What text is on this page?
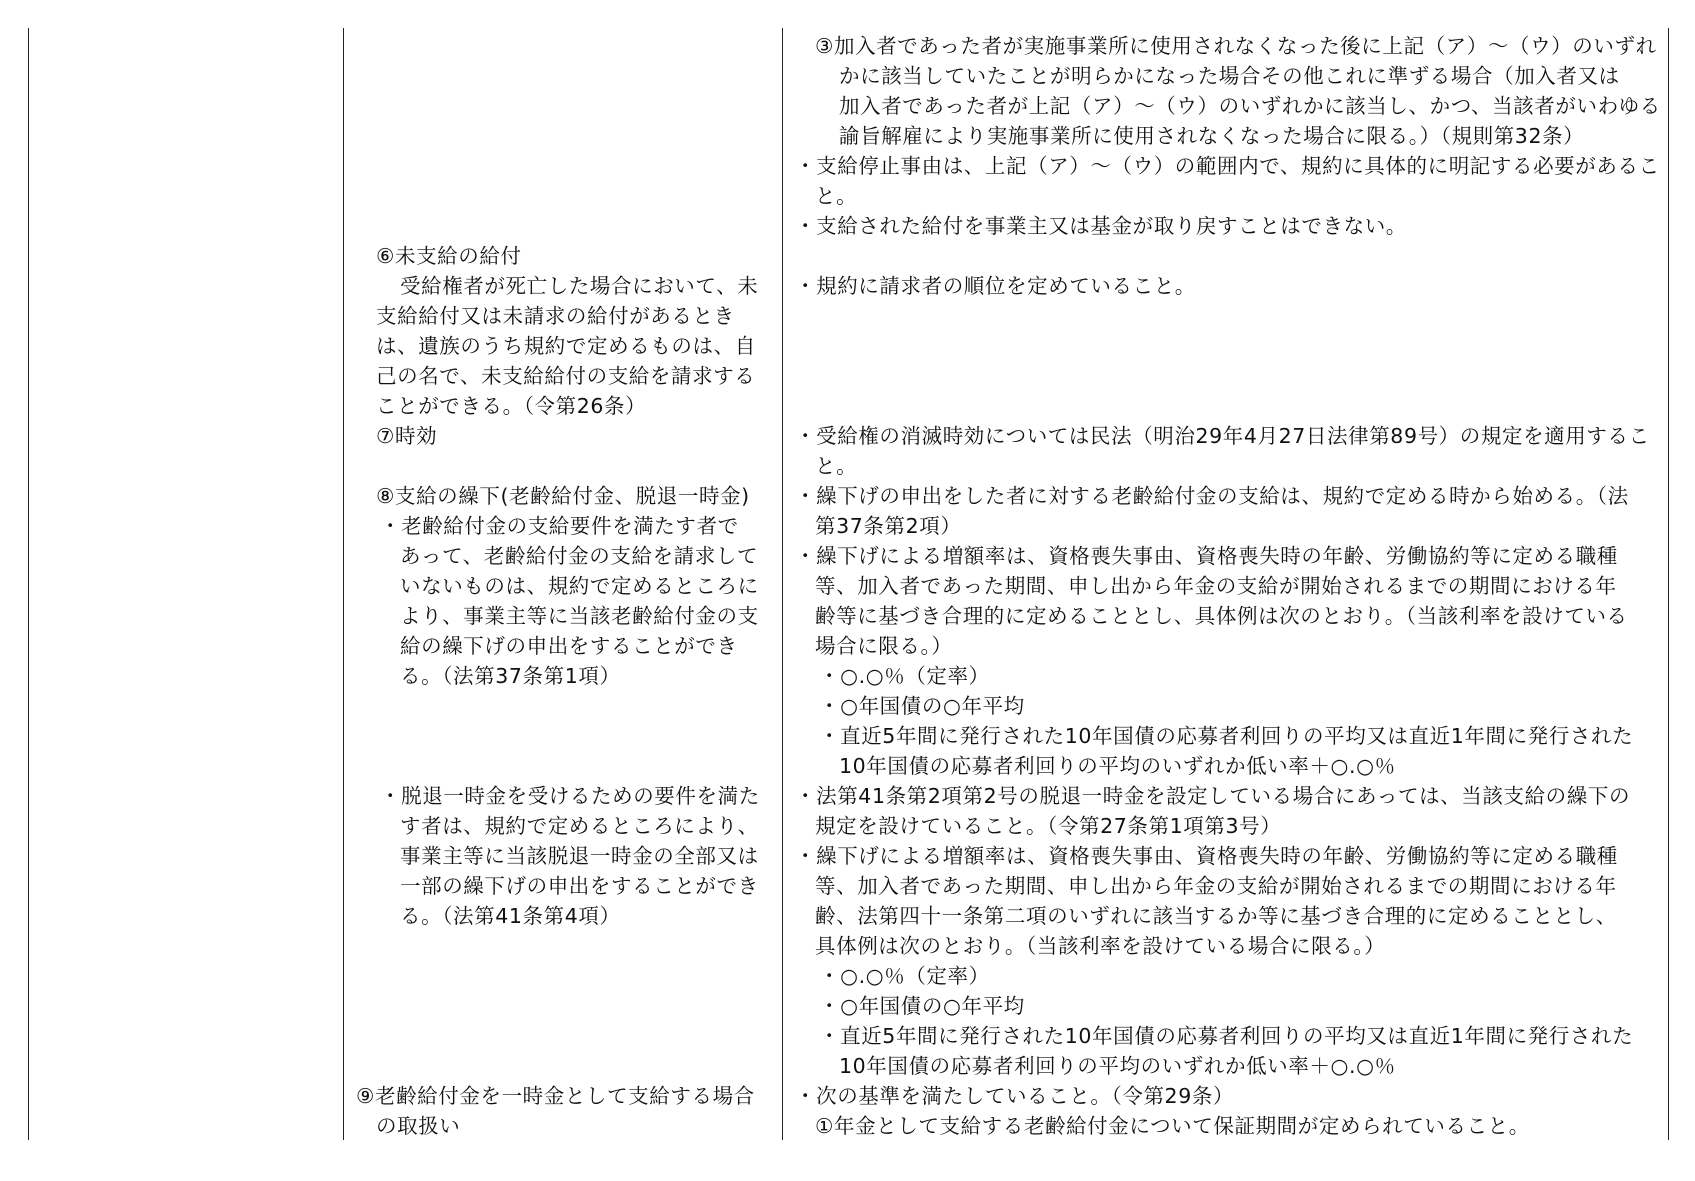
⑥未支給の給付
受給権者が死亡した場合において、未
支給給付又は未請求の給付があるとき
は、遺族のうち規約で定めるものは、自
己の名で、未支給給付の支給を請求する
ことができる。（令第26条）
⑦時効
⑧支給の繰下(老齢給付金、脱退一時金)
・老齢給付金の支給要件を満たす者で
あって、老齢給付金の支給を請求して
いないものは、規約で定めるところに
より、事業主等に当該老齢給付金の支
給の繰下げの申出をすることができ
る。（法第37条第1項）
・脱退一時金を受けるための要件を満た
す者は、規約で定めるところにより、
事業主等に当該脱退一時金の全部又は
一部の繰下げの申出をすることができ
る。（法第41条第4項）
⑨老齢給付金を一時金として支給する場合
の取扱い
③加入者であった者が実施事業所に使用されなくなった後に上記（ア）～（ウ）のいずれ
かに該当していたことが明らかになった場合その他これに準ずる場合（加入者又は
加入者であった者が上記（ア）～（ウ）のいずれかに該当し、かつ、当該者がいわゆる
諭旨解雇により実施事業所に使用されなくなった場合に限る。）（規則第32条）
・支給停止事由は、上記（ア）～（ウ）の範囲内で、規約に具体的に明記する必要があるこ
と。
・支給された給付を事業主又は基金が取り戻すことはできない。
・規約に請求者の順位を定めていること。
・受給権の消滅時効については民法（明治29年4月27日法律第89号）の規定を適用するこ
と。
・繰下げの申出をした者に対する老齢給付金の支給は、規約で定める時から始める。（法
第37条第2項）
・繰下げによる増額率は、資格喪失事由、資格喪失時の年齢、労働協約等に定める職種
等、加入者であった期間、申し出から年金の支給が開始されるまでの期間における年
齢等に基づき合理的に定めることとし、具体例は次のとおり。（当該利率を設けている
場合に限る。）
・○.○％（定率）
・○年国債の○年平均
・直近5年間に発行された10年国債の応募者利回りの平均又は直近1年間に発行された
10年国債の応募者利回りの平均のいずれか低い率＋○.○％
・法第41条第2項第2号の脱退一時金を設定している場合にあっては、当該支給の繰下の
規定を設けていること。（令第27条第1項第3号）
・繰下げによる増額率は、資格喪失事由、資格喪失時の年齢、労働協約等に定める職種
等、加入者であった期間、申し出から年金の支給が開始されるまでの期間における年
齢、法第四十一条第二項のいずれに該当するか等に基づき合理的に定めることとし、
具体例は次のとおり。（当該利率を設けている場合に限る。）
・○.○％（定率）
・○年国債の○年平均
・直近5年間に発行された10年国債の応募者利回りの平均又は直近1年間に発行された
10年国債の応募者利回りの平均のいずれか低い率＋○.○％
・次の基準を満たしていること。（令第29条）
①年金として支給する老齢給付金について保証期間が定められていること。
